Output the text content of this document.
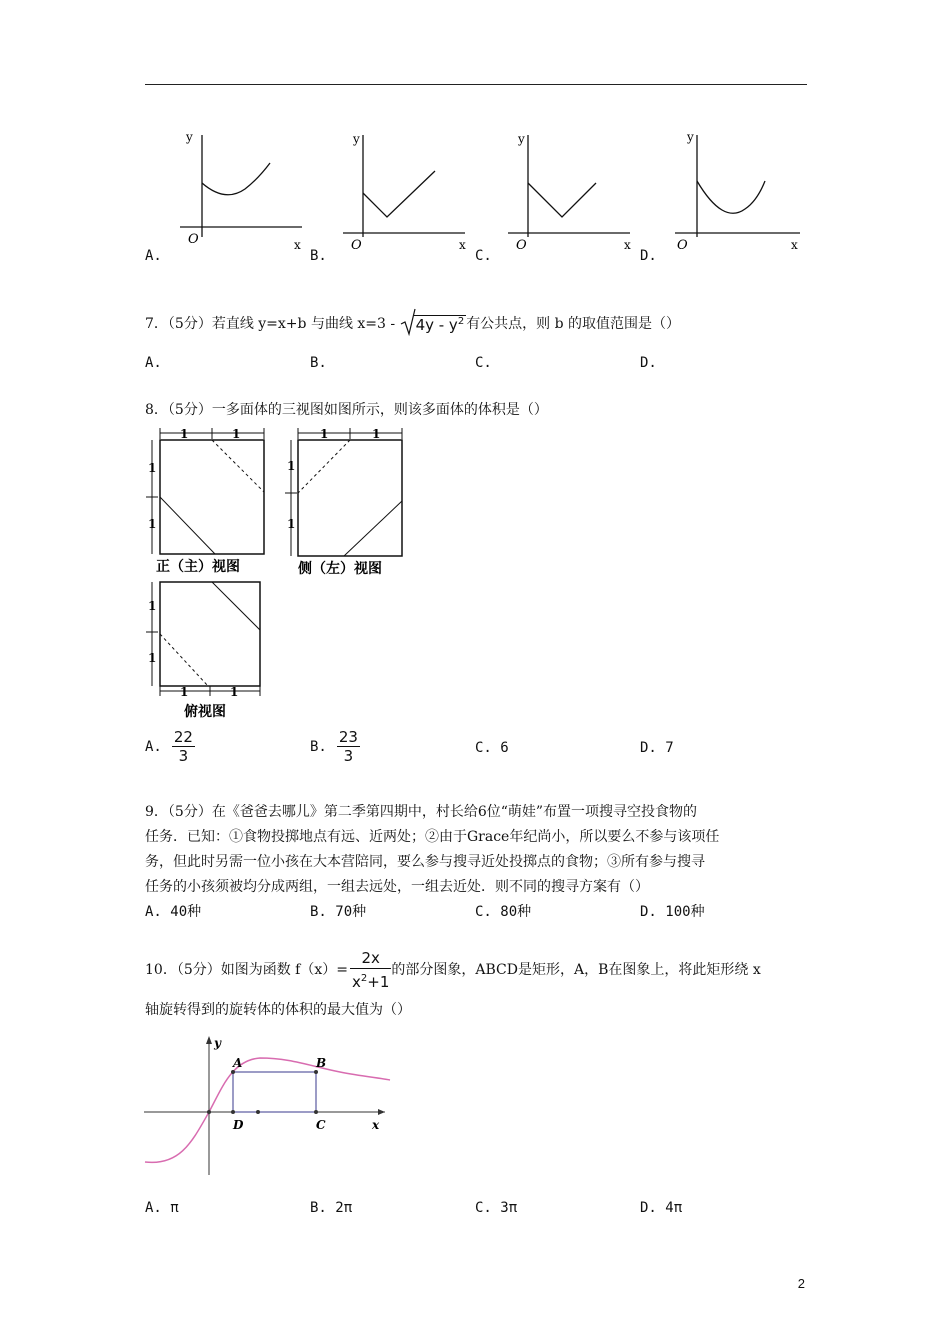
y
x
O
y
x
O
y
x
O
y
x
O
A.	B.	C.	D.
7．（5分）若直线 y=x+b 与曲线 $x=3 - 4y - y^2$ 有公共点，则 b 的取值范围是（）
A.	B.	C.	D.
8．（5分）一多面体的三视图如图所示，则该多面体的体积是（）
1	1
1
1
正（主）视图
1	1
1
1
侧（左）视图
1
1
1	1
俯视图
A. $\frac{22}{3}$	B. $\frac{23}{3}$	C. 6	D. 7
9．（5分）在《爸爸去哪儿》第二季第四期中，村长给6位“萌娃”布置一项搜寻空投食物的
任务．已知：①食物投掷地点有远、近两处；②由于Grace年纪尚小，所以要么不参与该项任
务，但此时另需一位小孩在大本营陪同，要么参与搜寻近处投掷点的食物；③所有参与搜寻
任务的小孩须被均分成两组，一组去远处，一组去近处．则不同的搜寻方案有（）
A. 40种	B. 70种	C. 80种	D. 100种
10．（5分）如图为函数 $f(x)= \frac{2x}{x^2+1}$ 的部分图象，ABCD是矩形，A，B在图象上，将此矩形绕 x
轴旋转得到的旋转体的体积的最大值为（）
y
x
A	B
C
D
A. π	B. 2π	C. 3π	D. 4π
2
